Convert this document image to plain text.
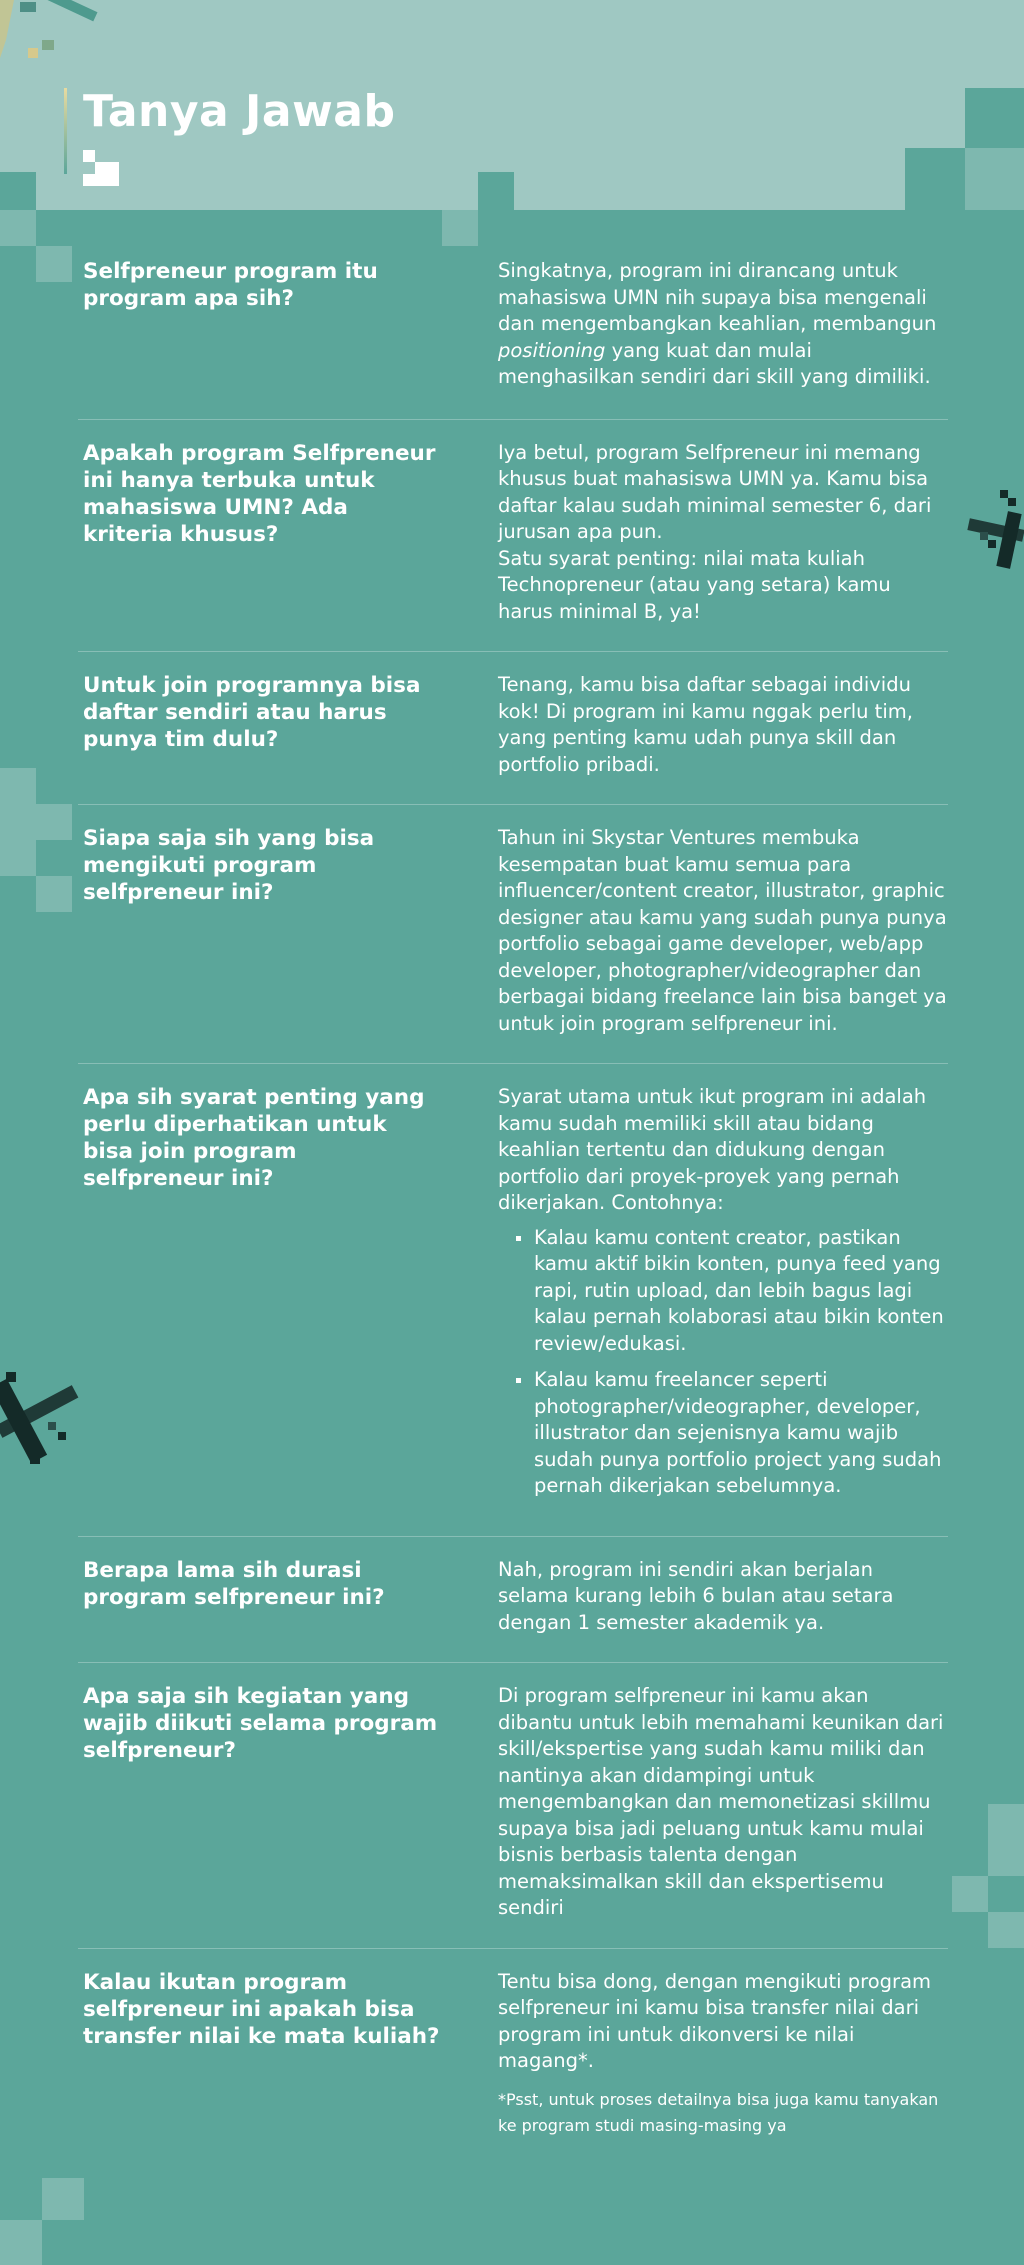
Tanya Jawab
Selfpreneur program itu program apa sih?

Singkatnya, program ini dirancang untuk mahasiswa UMN nih supaya bisa mengenali dan mengembangkan keahlian, membangun positioning yang kuat dan mulai menghasilkan sendiri dari skill yang dimiliki.

Apakah program Selfpreneur ini hanya terbuka untuk mahasiswa UMN? Ada kriteria khusus?

Iya betul, program Selfpreneur ini memang khusus buat mahasiswa UMN ya. Kamu bisa daftar kalau sudah minimal semester 6, dari jurusan apa pun.

Satu syarat penting: nilai mata kuliah Technopreneur (atau yang setara) kamu harus minimal B, ya!

Untuk join programnya bisa daftar sendiri atau harus punya tim dulu?

Tenang, kamu bisa daftar sebagai individu kok! Di program ini kamu nggak perlu tim, yang penting kamu udah punya skill dan portfolio pribadi.

Siapa saja sih yang bisa mengikuti program selfpreneur ini?

Tahun ini Skystar Ventures membuka kesempatan buat kamu semua para influencer/content creator, illustrator, graphic designer atau kamu yang sudah punya punya portfolio sebagai game developer, web/app developer, photographer/videographer dan berbagai bidang freelance lain bisa banget ya untuk join program selfpreneur ini.

Apa sih syarat penting yang perlu diperhatikan untuk bisa join program selfpreneur ini?

Syarat utama untuk ikut program ini adalah kamu sudah memiliki skill atau bidang keahlian tertentu dan didukung dengan portfolio dari proyek-proyek yang pernah dikerjakan. Contohnya:

Kalau kamu content creator, pastikan kamu aktif bikin konten, punya feed yang rapi, rutin upload, dan lebih bagus lagi kalau pernah kolaborasi atau bikin konten review/edukasi.
Kalau kamu freelancer seperti photographer/videographer, developer, illustrator dan sejenisnya kamu wajib sudah punya portfolio project yang sudah pernah dikerjakan sebelumnya.
Berapa lama sih durasi program selfpreneur ini?

Nah, program ini sendiri akan berjalan selama kurang lebih 6 bulan atau setara dengan 1 semester akademik ya.

Apa saja sih kegiatan yang wajib diikuti selama program selfpreneur?

Di program selfpreneur ini kamu akan dibantu untuk lebih memahami keunikan dari skill/ekspertise yang sudah kamu miliki dan nantinya akan didampingi untuk mengembangkan dan memonetizasi skillmu supaya bisa jadi peluang untuk kamu mulai bisnis berbasis talenta dengan memaksimalkan skill dan ekspertisemu sendiri

Kalau ikutan program selfpreneur ini apakah bisa transfer nilai ke mata kuliah?

Tentu bisa dong, dengan mengikuti program selfpreneur ini kamu bisa transfer nilai dari program ini untuk dikonversi ke nilai magang*.

*Psst, untuk proses detailnya bisa juga kamu tanyakan ke program studi masing-masing ya
